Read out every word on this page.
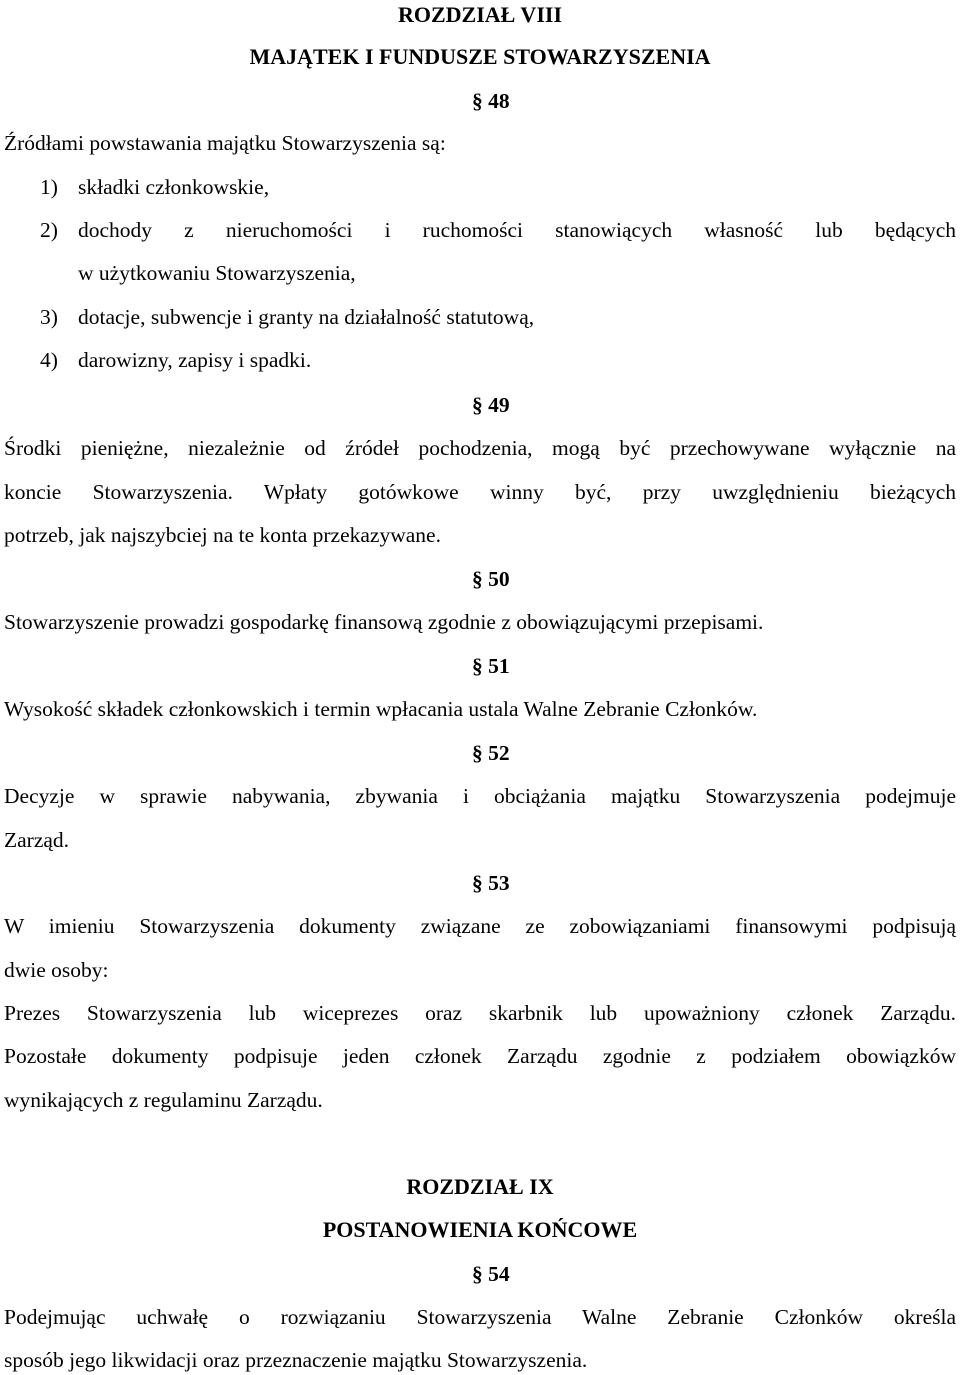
ROZDZIAŁ VIII
MAJĄTEK I FUNDUSZE STOWARZYSZENIA
§ 48
Źródłami powstawania majątku Stowarzyszenia są:
1) składki członkowskie,
2) dochody z nieruchomości i ruchomości stanowiących własność lub będących
w użytkowaniu Stowarzyszenia,
3) dotacje, subwencje i granty na działalność statutową,
4) darowizny, zapisy i spadki.
§ 49
Środki pieniężne, niezależnie od źródeł pochodzenia, mogą być przechowywane wyłącznie na
koncie Stowarzyszenia. Wpłaty gotówkowe winny być, przy uwzględnieniu bieżących
potrzeb, jak najszybciej na te konta przekazywane.
§ 50
Stowarzyszenie prowadzi gospodarkę finansową zgodnie z obowiązującymi przepisami.
§ 51
Wysokość składek członkowskich i termin wpłacania ustala Walne Zebranie Członków.
§ 52
Decyzje w sprawie nabywania, zbywania i obciążania majątku Stowarzyszenia podejmuje
Zarząd.
§ 53
W imieniu Stowarzyszenia dokumenty związane ze zobowiązaniami finansowymi podpisują
dwie osoby:
Prezes Stowarzyszenia lub wiceprezes oraz skarbnik lub upoważniony członek Zarządu.
Pozostałe dokumenty podpisuje jeden członek Zarządu zgodnie z podziałem obowiązków
wynikających z regulaminu Zarządu.
ROZDZIAŁ IX
POSTANOWIENIA KOŃCOWE
§ 54
Podejmując uchwałę o rozwiązaniu Stowarzyszenia Walne Zebranie Członków określa
sposób jego likwidacji oraz przeznaczenie majątku Stowarzyszenia.
